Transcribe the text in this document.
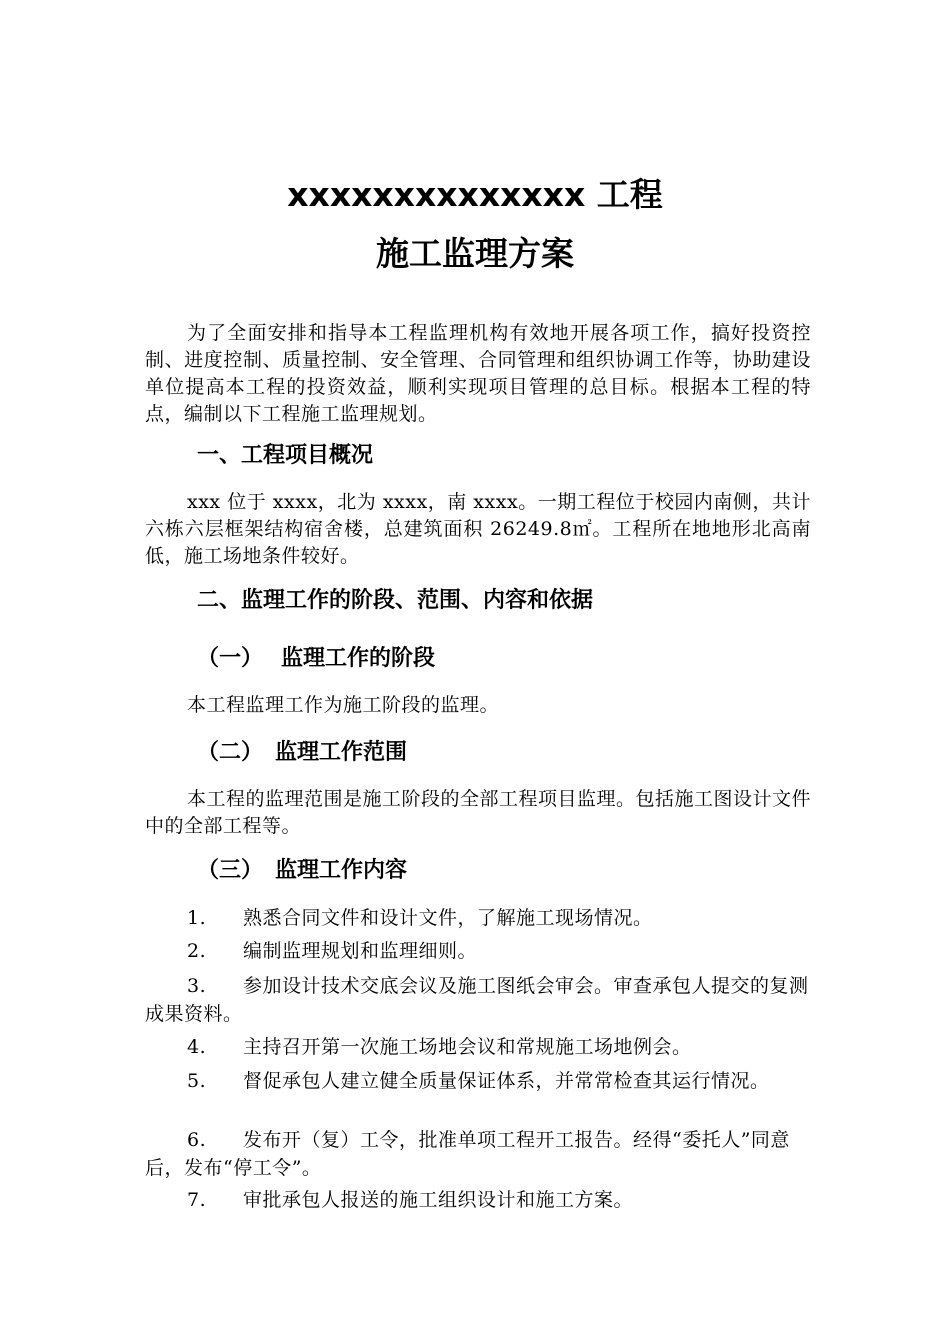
xxxxxxxxxxxxxx 工程
施工监理方案

为了全面安排和指导本工程监理机构有效地开展各项工作，搞好投资控制、进度控制、质量控制、安全管理、合同管理和组织协调工作等，协助建设单位提高本工程的投资效益，顺利实现项目管理的总目标。根据本工程的特点，编制以下工程施工监理规划。

一、工程项目概况

xxx 位于 xxxx，北为 xxxx，南 xxxx。一期工程位于校园内南侧，共计六栋六层框架结构宿舍楼，总建筑面积 26249.8㎡。工程所在地地形北高南低，施工场地条件较好。

二、监理工作的阶段、范围、内容和依据
（一） 监理工作的阶段
本工程监理工作为施工阶段的监理。
（二） 监理工作范围

本工程的监理范围是施工阶段的全部工程项目监理。包括施工图设计文件中的全部工程等。

（三） 监理工作内容

1. 熟悉合同文件和设计文件，了解施工现场情况。

2. 编制监理规划和监理细则。

3. 参加设计技术交底会议及施工图纸会审会。审查承包人提交的复测成果资料。

4. 主持召开第一次施工场地会议和常规施工场地例会。

5. 督促承包人建立健全质量保证体系，并常常检查其运行情况。

6. 发布开（复）工令，批准单项工程开工报告。经得“委托人”同意后，发布“停工令”。

7. 审批承包人报送的施工组织设计和施工方案。
